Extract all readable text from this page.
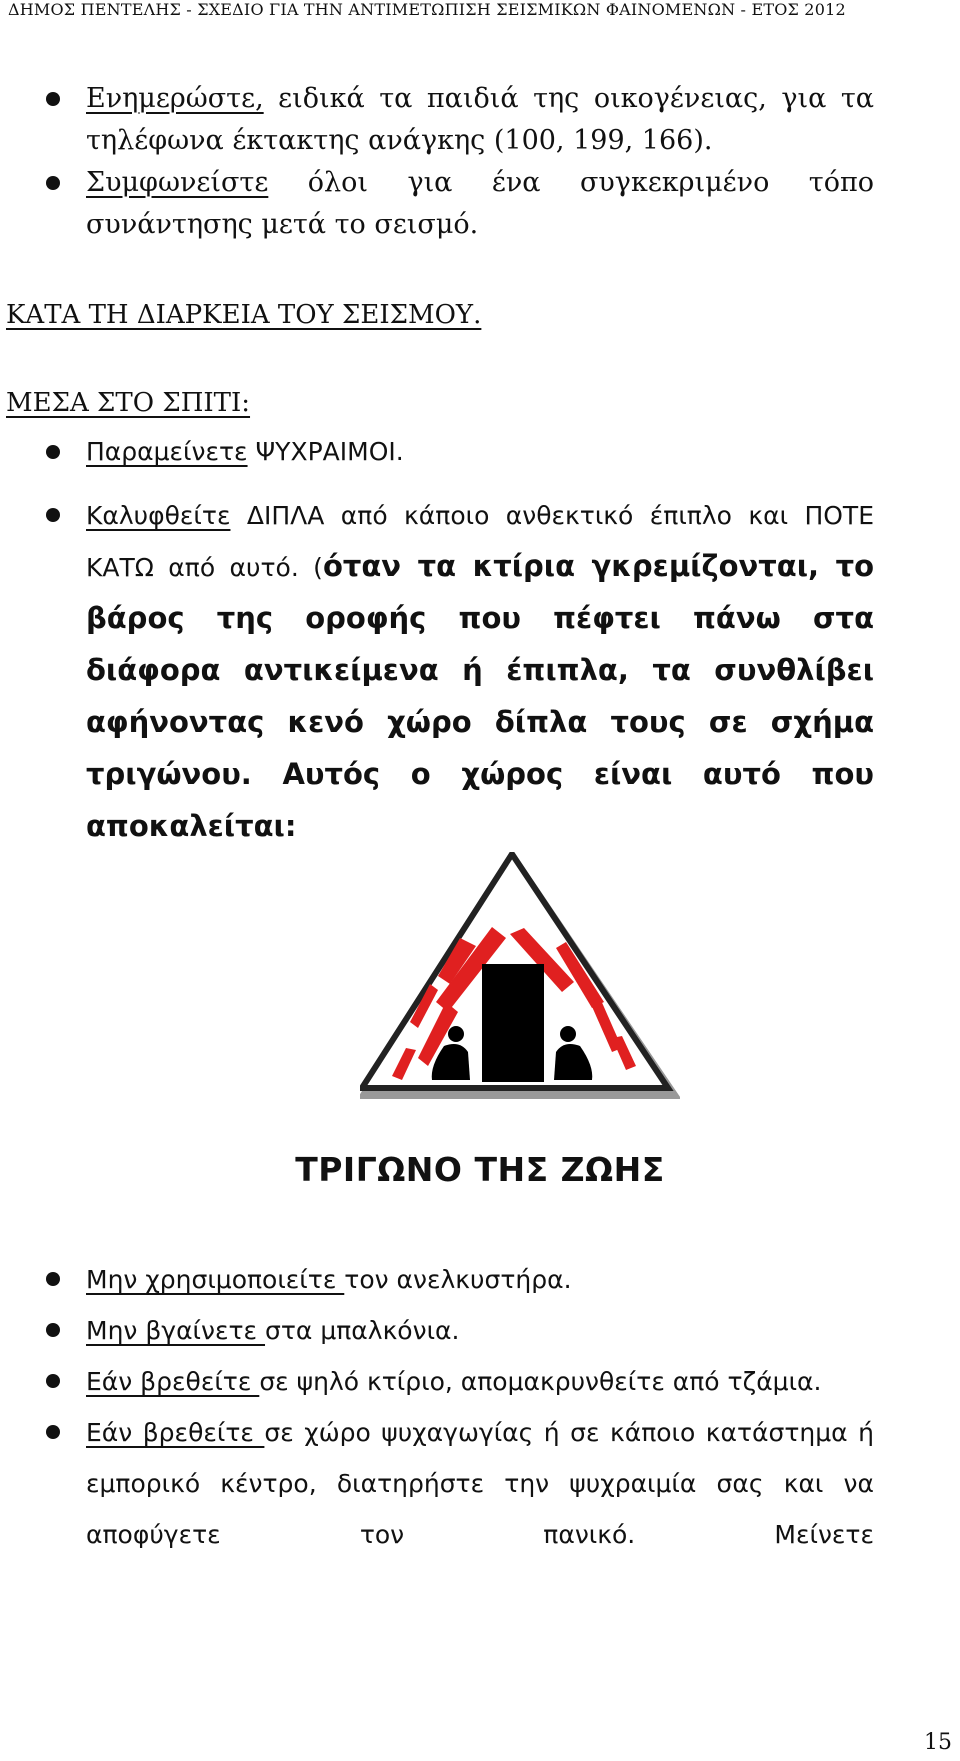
ΔΗΜΟΣ ΠΕΝΤΕΛΗΣ - ΣΧΕΔΙΟ ΓΙΑ ΤΗΝ ΑΝΤΙΜΕΤΩΠΙΣΗ ΣΕΙΣΜΙΚΩΝ ΦΑΙΝΟΜΕΝΩΝ - ΕΤΟΣ 2012
Ενημερώστε, ειδικά τα παιδιά της οικογένειας, για τα τηλέφωνα έκτακτης ανάγκης (100, 199, 166).
Συμφωνείστε όλοι για ένα συγκεκριμένο τόπο συνάντησης μετά το σεισμό.
ΚΑΤΑ ΤΗ ΔΙΑΡΚΕΙΑ ΤΟΥ ΣΕΙΣΜΟΥ.
ΜΕΣΑ ΣΤΟ ΣΠΙΤΙ:
Παραμείνετε ΨΥΧΡΑΙΜΟΙ.
Καλυφθείτε ΔΙΠΛΑ από κάποιο ανθεκτικό έπιπλο και ΠΟΤΕ ΚΑΤΩ από αυτό. (όταν τα κτίρια γκρεμίζονται, το βάρος της οροφής που πέφτει πάνω στα διάφορα αντικείμενα ή έπιπλα, τα συνθλίβει αφήνοντας κενό χώρο δίπλα τους σε σχήμα τριγώνου. Αυτός ο χώρος είναι αυτό που αποκαλείται:
ΤΡΙΓΩΝΟ ΤΗΣ ΖΩΗΣ
Μην χρησιμοποιείτε τον ανελκυστήρα.
Μην βγαίνετε στα μπαλκόνια.
Εάν βρεθείτε σε ψηλό κτίριο, απομακρυνθείτε από τζάμια.
Εάν βρεθείτε σε χώρο ψυχαγωγίας ή σε κάποιο κατάστημα ή εμπορικό κέντρο, διατηρήστε την ψυχραιμία σας και να αποφύγετε τον πανικό. Μείνετε
15
